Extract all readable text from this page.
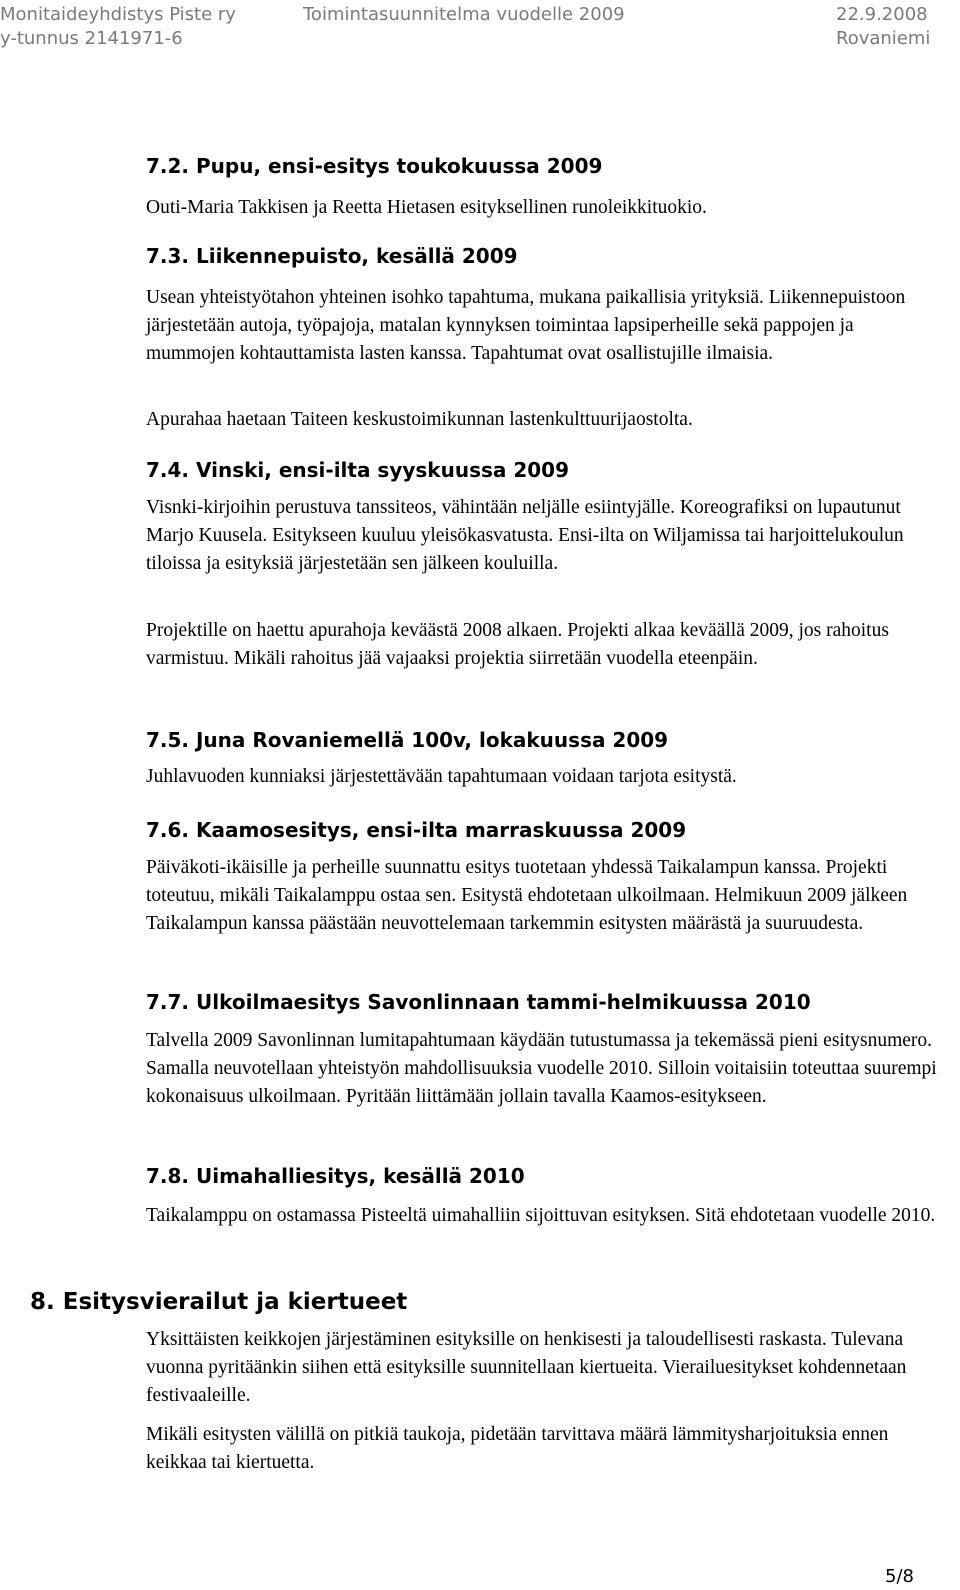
Monitaideyhdistys Piste ry	Toimintasuunnitelma vuodelle 2009	22.9.2008
y-tunnus 2141971-6	Rovaniemi
7.2. Pupu, ensi-esitys toukokuussa 2009
Outi-Maria Takkisen ja Reetta Hietasen esityksellinen runoleikkituokio.
7.3. Liikennepuisto, kesällä 2009
Usean yhteistyötahon yhteinen isohko tapahtuma, mukana paikallisia yrityksiä. Liikennepuistoon järjestetään autoja, työpajoja, matalan kynnyksen toimintaa lapsiperheille sekä pappojen ja mummojen kohtauttamista lasten kanssa. Tapahtumat ovat osallistujille ilmaisia.
Apurahaa haetaan Taiteen keskustoimikunnan lastenkulttuurijaostolta.
7.4. Vinski, ensi-ilta syyskuussa 2009
Visnki-kirjoihin perustuva tanssiteos, vähintään neljälle esiintyjälle. Koreografiksi on lupautunut Marjo Kuusela. Esitykseen kuuluu yleisökasvatusta. Ensi-ilta on Wiljamissa tai harjoittelukoulun tiloissa ja esityksiä järjestetään sen jälkeen kouluilla.
Projektille on haettu apurahoja keväästä 2008 alkaen. Projekti alkaa keväällä 2009, jos rahoitus varmistuu. Mikäli rahoitus jää vajaaksi projektia siirretään vuodella eteenpäin.
7.5. Juna Rovaniemellä 100v, lokakuussa 2009
Juhlavuoden kunniaksi järjestettävään tapahtumaan voidaan tarjota esitystä.
7.6. Kaamosesitys, ensi-ilta marraskuussa 2009
Päiväkoti-ikäisille ja perheille suunnattu esitys tuotetaan yhdessä Taikalampun kanssa. Projekti toteutuu, mikäli Taikalamppu ostaa sen. Esitystä ehdotetaan ulkoilmaan. Helmikuun 2009 jälkeen Taikalampun kanssa päästään neuvottelemaan tarkemmin esitysten määrästä ja suuruudesta.
7.7. Ulkoilmaesitys Savonlinnaan tammi-helmikuussa 2010
Talvella 2009 Savonlinnan lumitapahtumaan käydään tutustumassa ja tekemässä pieni esitysnumero. Samalla neuvotellaan yhteistyön mahdollisuuksia vuodelle 2010. Silloin voitaisiin toteuttaa suurempi kokonaisuus ulkoilmaan. Pyritään liittämään jollain tavalla Kaamos-esitykseen.
7.8. Uimahalliesitys, kesällä 2010
Taikalamppu on ostamassa Pisteeltä uimahalliin sijoittuvan esityksen. Sitä ehdotetaan vuodelle 2010.
8. Esitysvierailut ja kiertueet
Yksittäisten keikkojen järjestäminen esityksille on henkisesti ja taloudellisesti raskasta. Tulevana vuonna pyritäänkin siihen että esityksille suunnitellaan kiertueita. Vierailuesitykset kohdennetaan festivaaleille.
Mikäli esitysten välillä on pitkiä taukoja, pidetään tarvittava määrä lämmitysharjoituksia ennen keikkaa tai kiertuetta.
5/8
